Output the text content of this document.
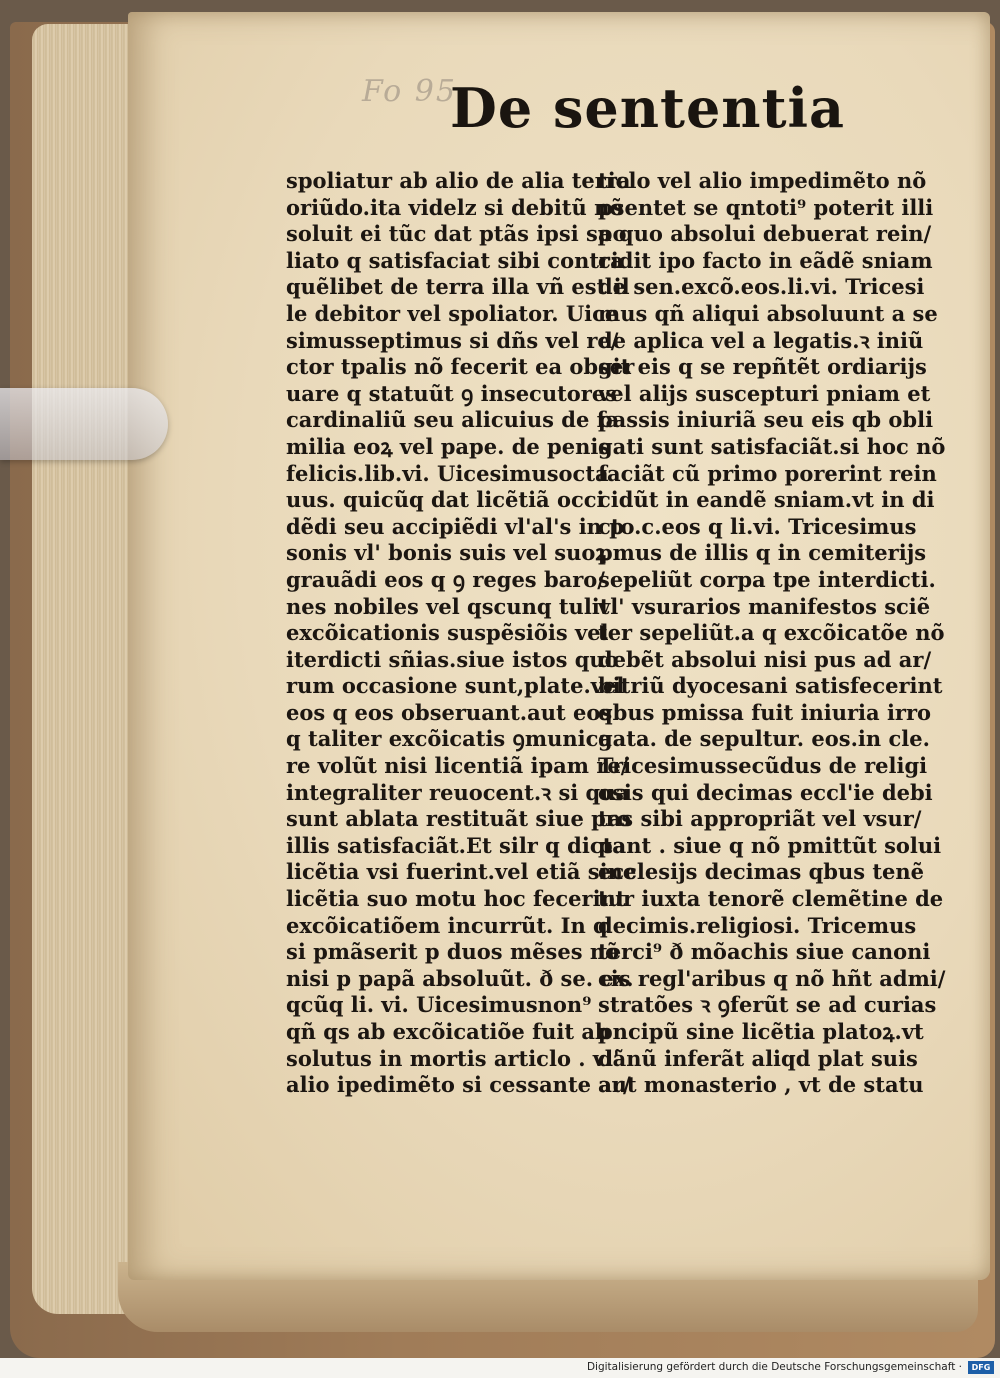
Fo 95
De sententia
spoliatur ab alio de alia terra
oriũdo.ita videlz si debitũ nõ
soluit ei tũc dat ptãs ipsi spo
liato q satisfaciat sibi contra
quẽlibet de terra illa vñ est il
le debitor vel spoliator. Uice
simusseptimus si dñs vel re/
ctor tpalis nõ fecerit ea obser
uare q statuũt ꝯ insecutores
cardinaliũ seu alicuius de fa
milia eoꝝ vel pape. de penis
felicis.lib.vi. Uicesimusocta
uus. quicũq dat licẽtiã occi
dẽdi seu accipiẽdi vl'al's in p
sonis vl' bonis suis vel suoꝝ
grauãdi eos q ꝯ reges baro/
nes nobiles vel qscunq tulit
excõicationis suspẽsiõis vel
iterdicti sñias.siue istos quo
rum occasione sunt,plate.vel
eos q eos obseruant.aut eos
q taliter excõicatis ꝯmunica
re volũt nisi licentiã ipam re/
integraliter reuocent.ꝛ si qua
sunt ablata restituãt siue pro
illis satisfaciãt.Et silr q dicta
licẽtia vsi fuerint.vel etiã sine
licẽtia suo motu hoc fecerint
excõicatiõem incurrũt. In q
si pmãserit p duos mẽses nõ
nisi p papã absoluũt. ð se. ex.
qcũq li. vi. Uicesimusnon⁹
qñ qs ab excõicatiõe fuit ab
solutus in mortis articlo . vl'
alio ipedimẽto si cessante ar/
ticlo vel alio impedimẽto nõ
psentet se qntoti⁹ poterit illi
a quo absolui debuerat rein/
cidit ipo facto in eãdẽ sniam
de sen.excõ.eos.li.vi. Tricesi
mus qñ aliqui absoluunt a se
de aplica vel a legatis.ꝛ iniũ
git eis q se repñtẽt ordiarijs
vel alijs suscepturi pniam et
passis iniuriã seu eis qb obli
gati sunt satisfaciãt.si hoc nõ
faciãt cũ primo porerint rein
cidũt in eandẽ sniam.vt in di
cto.c.eos q li.vi. Tricesimus
pmus de illis q in cemiterijs
sepeliũt corpa tpe interdicti.
vl' vsurarios manifestos sciẽ
ter sepeliũt.a q excõicatõe nõ
debẽt absolui nisi pus ad ar/
bitriũ dyocesani satisfecerint
qbus pmissa fuit iniuria irro
gata. de sepultur. eos.in cle.
Tricesimussecũdus de religi
osis qui decimas eccl'ie debi
tas sibi appropriãt vel vsur/
pant . siue q nõ pmittũt solui
ecclesijs decimas qbus tenẽ
tur iuxta tenorẽ clemẽtine de
decimis.religiosi. Tricemus
terci⁹ ð mõachis siue canoni
cis regl'aribus q nõ hñt admi/
stratões ꝛ ꝯferũt se ad curias
pncipũ sine licẽtia platoꝝ.vt
dãnũ inferãt aliqd plat suis
aut monasterio , vt de statu
Digitalisierung gefördert durch die Deutsche Forschungsgemeinschaft ·	DFG
